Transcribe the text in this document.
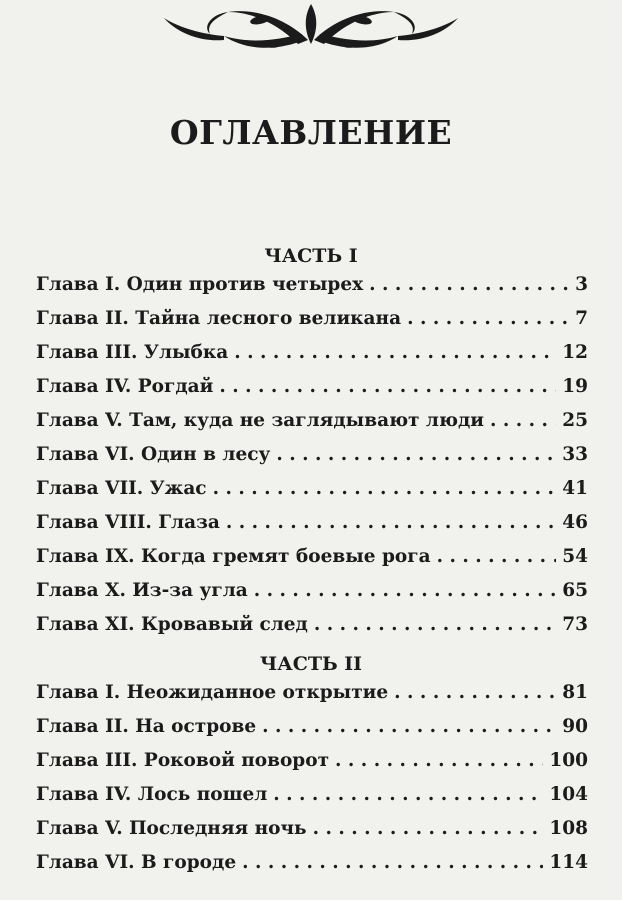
ОГЛАВЛЕНИЕ
ЧАСТЬ I
Глава I. Один против четырех . . .	3
Глава II. Тайна лесного великана . . .	7
Глава III. Улыбка . . .	12
Глава IV. Рогдай . . .	19
Глава V. Там, куда не заглядывают люди . . .	25
Глава VI. Один в лесу . . .	33
Глава VII. Ужас . . .	41
Глава VIII. Глаза . . .	46
Глава IX. Когда гремят боевые рога . . .	54
Глава X. Из-за угла . . .	65
Глава XI. Кровавый след . . .	73
ЧАСТЬ II
Глава I. Неожиданное открытие . . .	81
Глава II. На острове . . .	90
Глава III. Роковой поворот . . .	100
Глава IV. Лось пошел . . .	104
Глава V. Последняя ночь . . .	108
Глава VI. В городе . . .	114
